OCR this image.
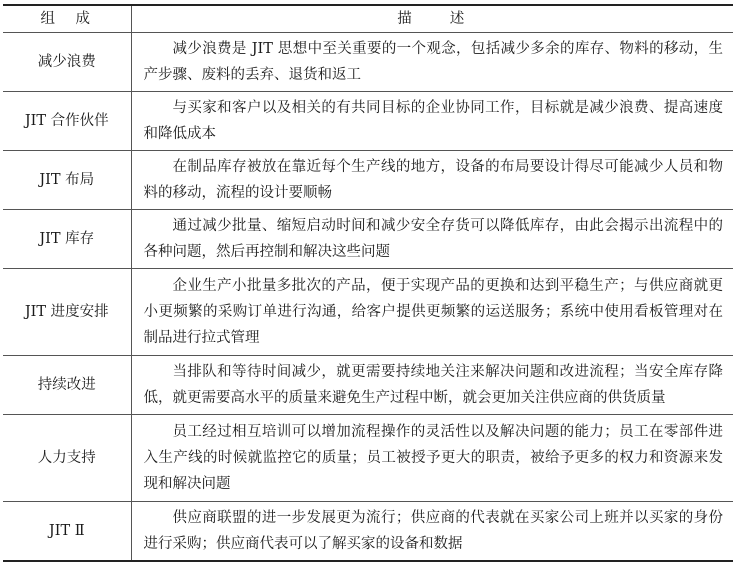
组　成	描　　述
减少浪费	减少浪费是 JIT 思想中至关重要的一个观念，包括减少多余的库存、物料的移动，生产步骤、废料的丢弃、退货和返工
JIT 合作伙伴	与买家和客户以及相关的有共同目标的企业协同工作，目标就是减少浪费、提高速度和降低成本
JIT 布局	在制品库存被放在靠近每个生产线的地方，设备的布局要设计得尽可能减少人员和物料的移动，流程的设计要顺畅
JIT 库存	通过减少批量、缩短启动时间和减少安全存货可以降低库存，由此会揭示出流程中的各种问题，然后再控制和解决这些问题
JIT 进度安排	企业生产小批量多批次的产品，便于实现产品的更换和达到平稳生产；与供应商就更小更频繁的采购订单进行沟通，给客户提供更频繁的运送服务；系统中使用看板管理对在制品进行拉式管理
持续改进	当排队和等待时间减少，就更需要持续地关注来解决问题和改进流程；当安全库存降低，就更需要高水平的质量来避免生产过程中断，就会更加关注供应商的供货质量
人力支持	员工经过相互培训可以增加流程操作的灵活性以及解决问题的能力；员工在零部件进入生产线的时候就监控它的质量；员工被授予更大的职责，被给予更多的权力和资源来发现和解决问题
JIT Ⅱ	供应商联盟的进一步发展更为流行；供应商的代表就在买家公司上班并以买家的身份进行采购；供应商代表可以了解买家的设备和数据
